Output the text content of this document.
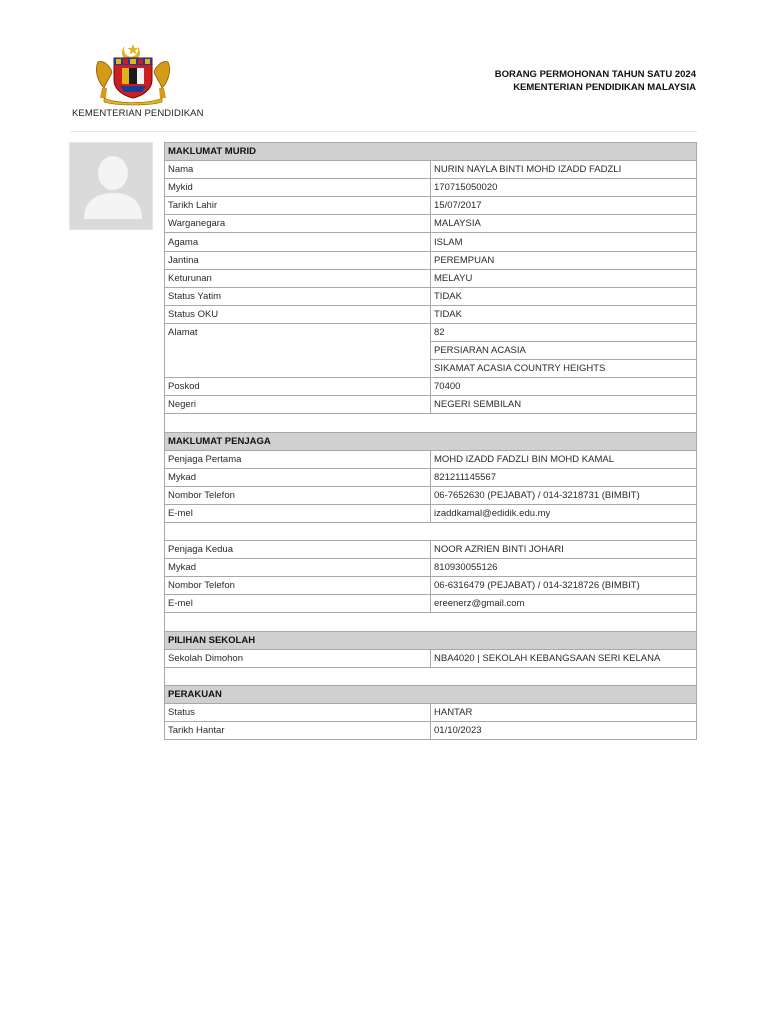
KEMENTERIAN PENDIDIKAN
BORANG PERMOHONAN TAHUN SATU 2024
KEMENTERIAN PENDIDIKAN MALAYSIA
MAKLUMAT MURID	
Nama	NURIN NAYLA BINTI MOHD IZADD FADZLI
Mykid	170715050020
Tarikh Lahir	15/07/2017
Warganegara	MALAYSIA
Agama	ISLAM
Jantina	PEREMPUAN
Keturunan	MELAYU
Status Yatim	TIDAK
Status OKU	TIDAK
Alamat	82
	PERSIARAN ACASIA
	SIKAMAT ACASIA COUNTRY HEIGHTS
Poskod	70400
Negeri	NEGERI SEMBILAN

MAKLUMAT PENJAGA	
Penjaga Pertama	MOHD IZADD FADZLI BIN MOHD KAMAL
Mykad	821211145567
Nombor Telefon	06-7652630 (PEJABAT) / 014-3218731 (BIMBIT)
E-mel	izaddkamal@edidik.edu.my

Penjaga Kedua	NOOR AZRIEN BINTI JOHARI
Mykad	810930055126
Nombor Telefon	06-6316479 (PEJABAT) / 014-3218726 (BIMBIT)
E-mel	ereenerz@gmail.com

PILIHAN SEKOLAH	
Sekolah Dimohon	NBA4020 | SEKOLAH KEBANGSAAN SERI KELANA

PERAKUAN	
Status	HANTAR
Tarikh Hantar	01/10/2023
